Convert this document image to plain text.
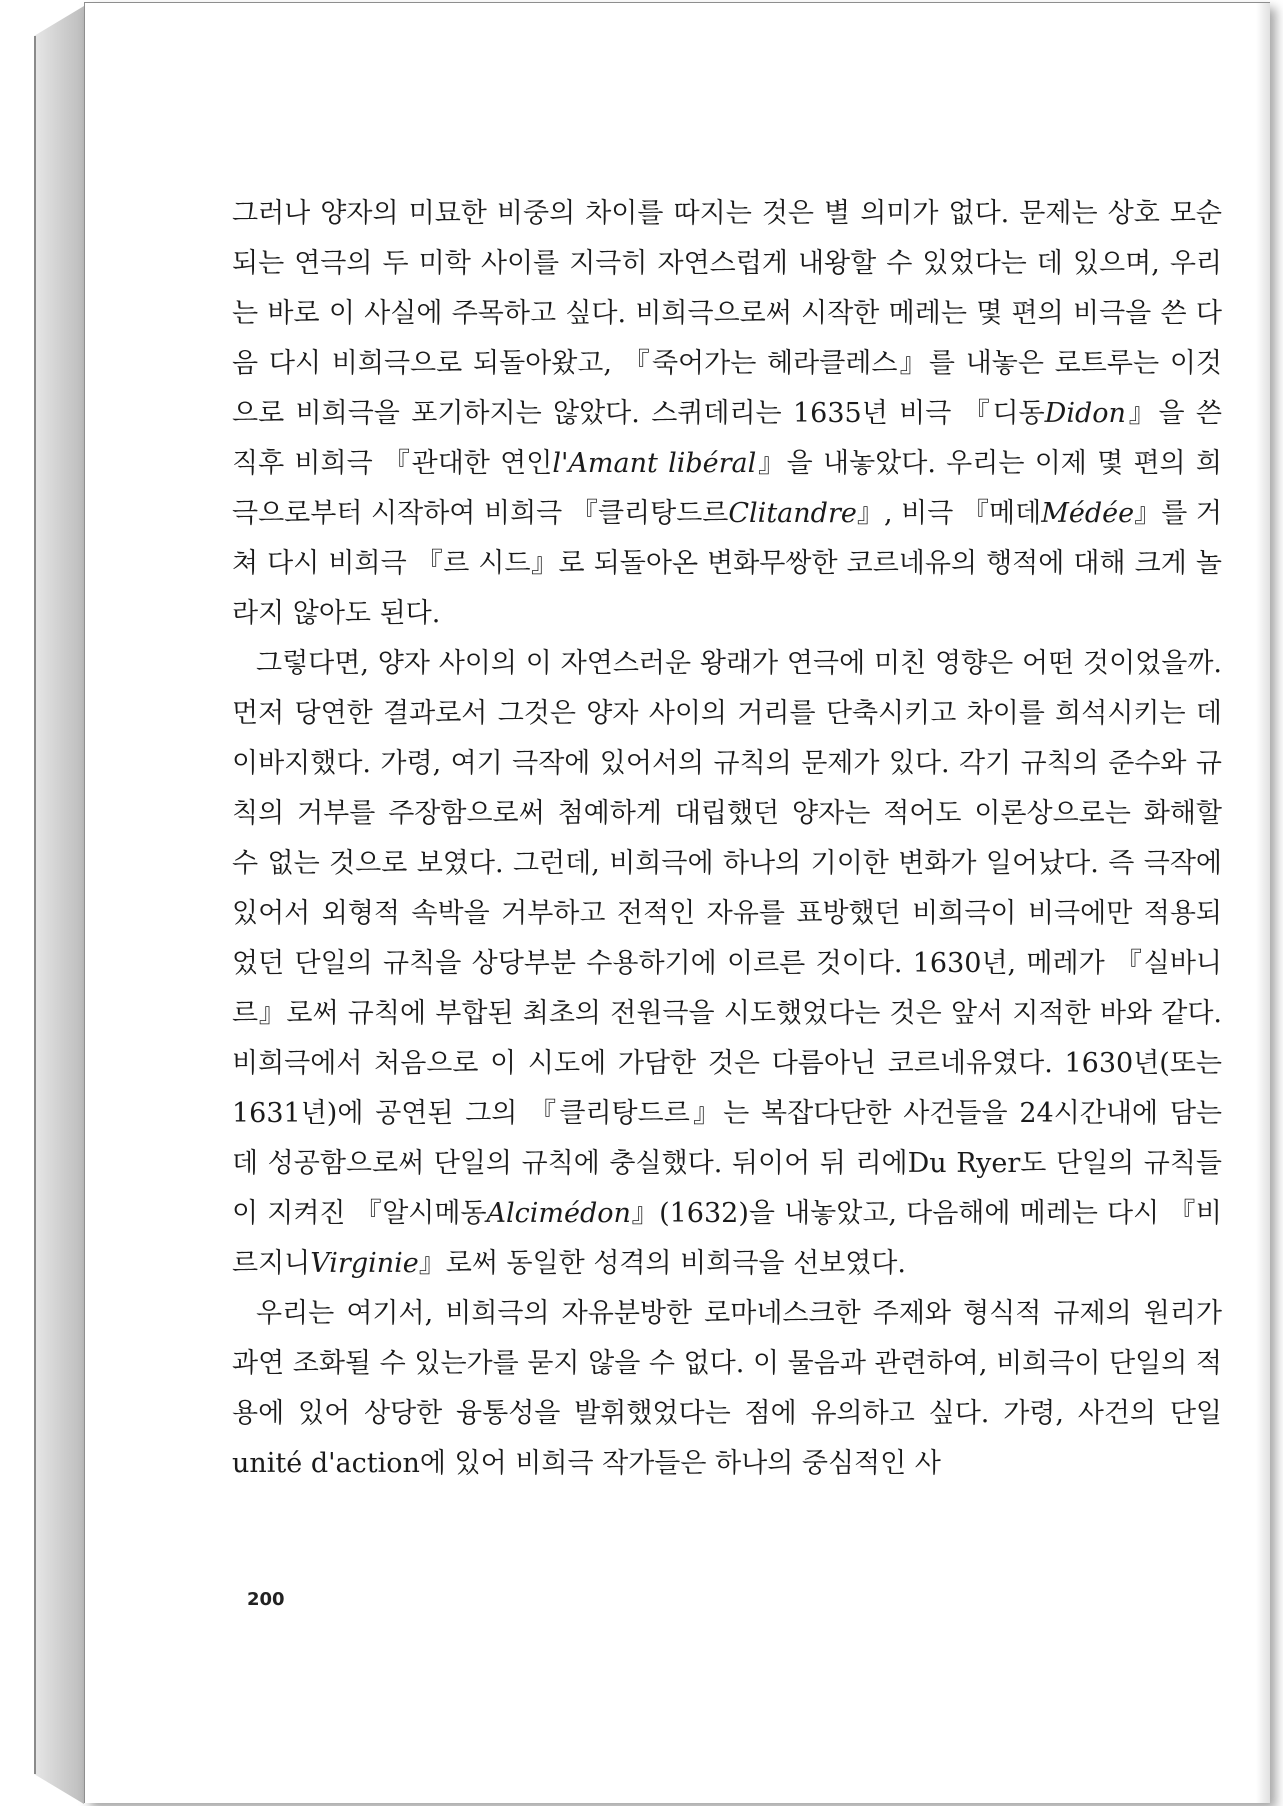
그러나 양자의 미묘한 비중의 차이를 따지는 것은 별 의미가 없다. 문제는 상호 모순되는 연극의 두 미학 사이를 지극히 자연스럽게 내왕할 수 있었다는 데 있으며, 우리는 바로 이 사실에 주목하고 싶다. 비희극으로써 시작한 메레는 몇 편의 비극을 쓴 다음 다시 비희극으로 되돌아왔고, 『죽어가는 헤라클레스』를 내놓은 로트루는 이것으로 비희극을 포기하지는 않았다. 스퀴데리는 1635년 비극 『디동Didon』을 쓴 직후 비희극 『관대한 연인l'Amant libéral』을 내놓았다. 우리는 이제 몇 편의 희극으로부터 시작하여 비희극 『클리탕드르Clitandre』, 비극 『메데Médée』를 거쳐 다시 비희극 『르 시드』로 되돌아온 변화무쌍한 코르네유의 행적에 대해 크게 놀라지 않아도 된다.

그렇다면, 양자 사이의 이 자연스러운 왕래가 연극에 미친 영향은 어떤 것이었을까. 먼저 당연한 결과로서 그것은 양자 사이의 거리를 단축시키고 차이를 희석시키는 데 이바지했다. 가령, 여기 극작에 있어서의 규칙의 문제가 있다. 각기 규칙의 준수와 규칙의 거부를 주장함으로써 첨예하게 대립했던 양자는 적어도 이론상으로는 화해할 수 없는 것으로 보였다. 그런데, 비희극에 하나의 기이한 변화가 일어났다. 즉 극작에 있어서 외형적 속박을 거부하고 전적인 자유를 표방했던 비희극이 비극에만 적용되었던 단일의 규칙을 상당부분 수용하기에 이르른 것이다. 1630년, 메레가 『실바니르』로써 규칙에 부합된 최초의 전원극을 시도했었다는 것은 앞서 지적한 바와 같다. 비희극에서 처음으로 이 시도에 가담한 것은 다름아닌 코르네유였다. 1630년(또는 1631년)에 공연된 그의 『클리탕드르』는 복잡다단한 사건들을 24시간내에 담는 데 성공함으로써 단일의 규칙에 충실했다. 뒤이어 뒤 리에Du Ryer도 단일의 규칙들이 지켜진 『알시메동Alcimédon』(1632)을 내놓았고, 다음해에 메레는 다시 『비르지니Virginie』로써 동일한 성격의 비희극을 선보였다.

우리는 여기서, 비희극의 자유분방한 로마네스크한 주제와 형식적 규제의 원리가 과연 조화될 수 있는가를 묻지 않을 수 없다. 이 물음과 관련하여, 비희극이 단일의 적용에 있어 상당한 융통성을 발휘했었다는 점에 유의하고 싶다. 가령, 사건의 단일unité d'action에 있어 비희극 작가들은 하나의 중심적인 사

200
